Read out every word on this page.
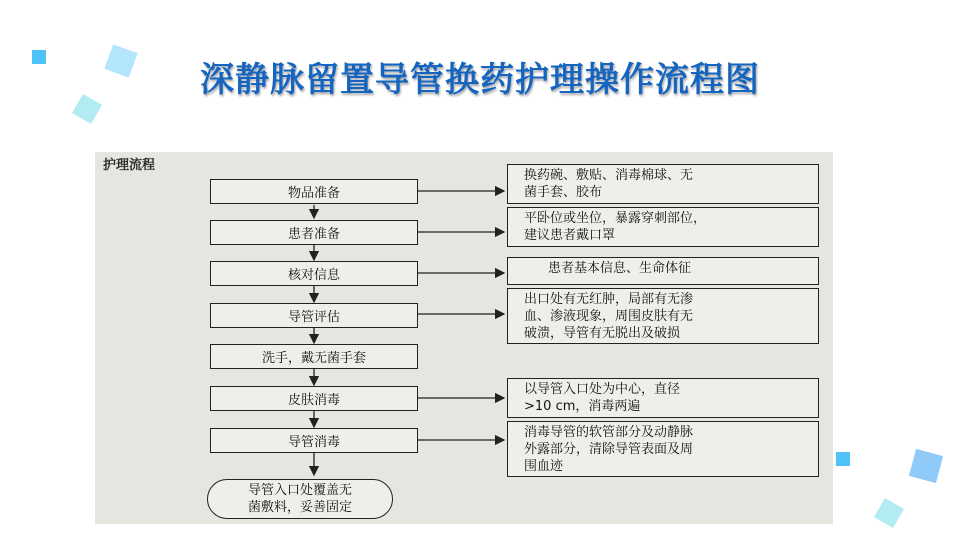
深静脉留置导管换药护理操作流程图
护理流程
物品准备
患者准备
核对信息
导管评估
洗手，戴无菌手套
皮肤消毒
导管消毒
换药碗、敷贴、消毒棉球、无
菌手套、胶布
平卧位或坐位，暴露穿刺部位，
建议患者戴口罩
患者基本信息、生命体征
出口处有无红肿，局部有无渗
血、渗液现象，周围皮肤有无
破溃，导管有无脱出及破损
以导管入口处为中心，直径
>10 cm，消毒两遍
消毒导管的软管部分及动静脉
外露部分，清除导管表面及周
围血迹
导管入口处覆盖无
菌敷料，妥善固定
